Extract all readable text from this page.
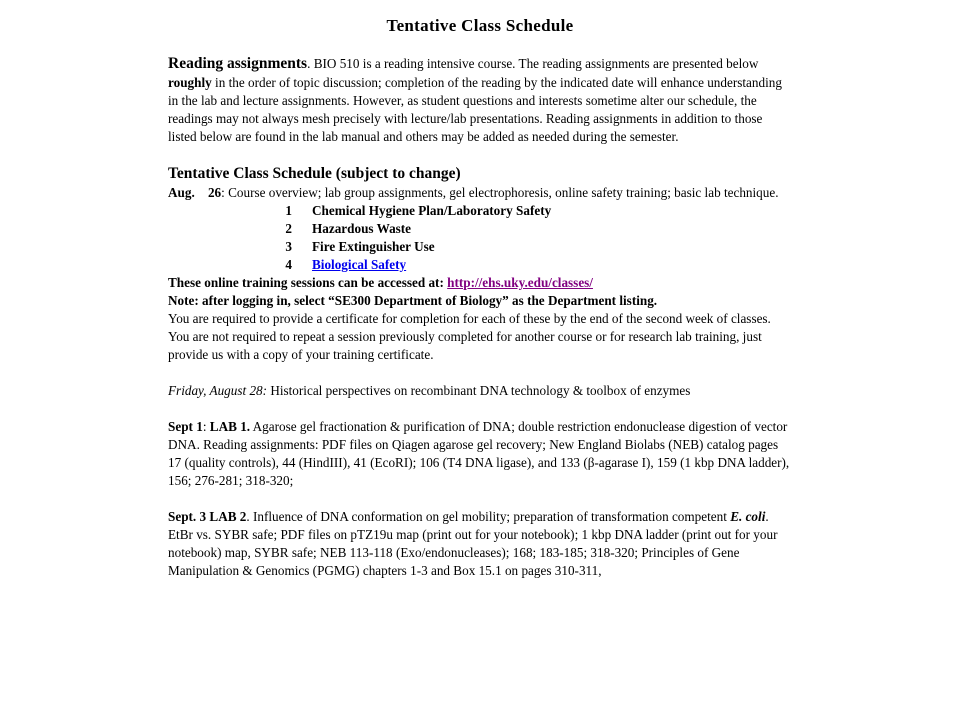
Tentative Class Schedule

Reading assignments. BIO 510 is a reading intensive course. The reading assignments are presented below roughly in the order of topic discussion; completion of the reading by the indicated date will enhance understanding in the lab and lecture assignments. However, as student questions and interests sometime alter our schedule, the readings may not always mesh precisely with lecture/lab presentations. Reading assignments in addition to those listed below are found in the lab manual and others may be added as needed during the semester.

Tentative Class Schedule (subject to change)

Aug. 26: Course overview; lab group assignments, gel electrophoresis, online safety training; basic lab technique.

1	Chemical Hygiene Plan/Laboratory Safety
2	Hazardous Waste
3	Fire Extinguisher Use
4	Biological Safety

These online training sessions can be accessed at: http://ehs.uky.edu/classes/

Note: after logging in, select “SE300 Department of Biology” as the Department listing.

You are required to provide a certificate for completion for each of these by the end of the second week of classes. You are not required to repeat a session previously completed for another course or for research lab training, just provide us with a copy of your training certificate.

Friday, August 28: Historical perspectives on recombinant DNA technology & toolbox of enzymes

Sept 1: LAB 1. Agarose gel fractionation & purification of DNA; double restriction endonuclease digestion of vector DNA. Reading assignments: PDF files on Qiagen agarose gel recovery; New England Biolabs (NEB) catalog pages 17 (quality controls), 44 (HindIII), 41 (EcoRI); 106 (T4 DNA ligase), and 133 (β-agarase I), 159 (1 kbp DNA ladder), 156; 276-281; 318-320;

Sept. 3 LAB 2. Influence of DNA conformation on gel mobility; preparation of transformation competent E. coli. EtBr vs. SYBR safe; PDF files on pTZ19u map (print out for your notebook); 1 kbp DNA ladder (print out for your notebook) map, SYBR safe; NEB 113-118 (Exo/endonucleases); 168; 183-185; 318-320; Principles of Gene Manipulation & Genomics (PGMG) chapters 1-3 and Box 15.1 on pages 310-311,
